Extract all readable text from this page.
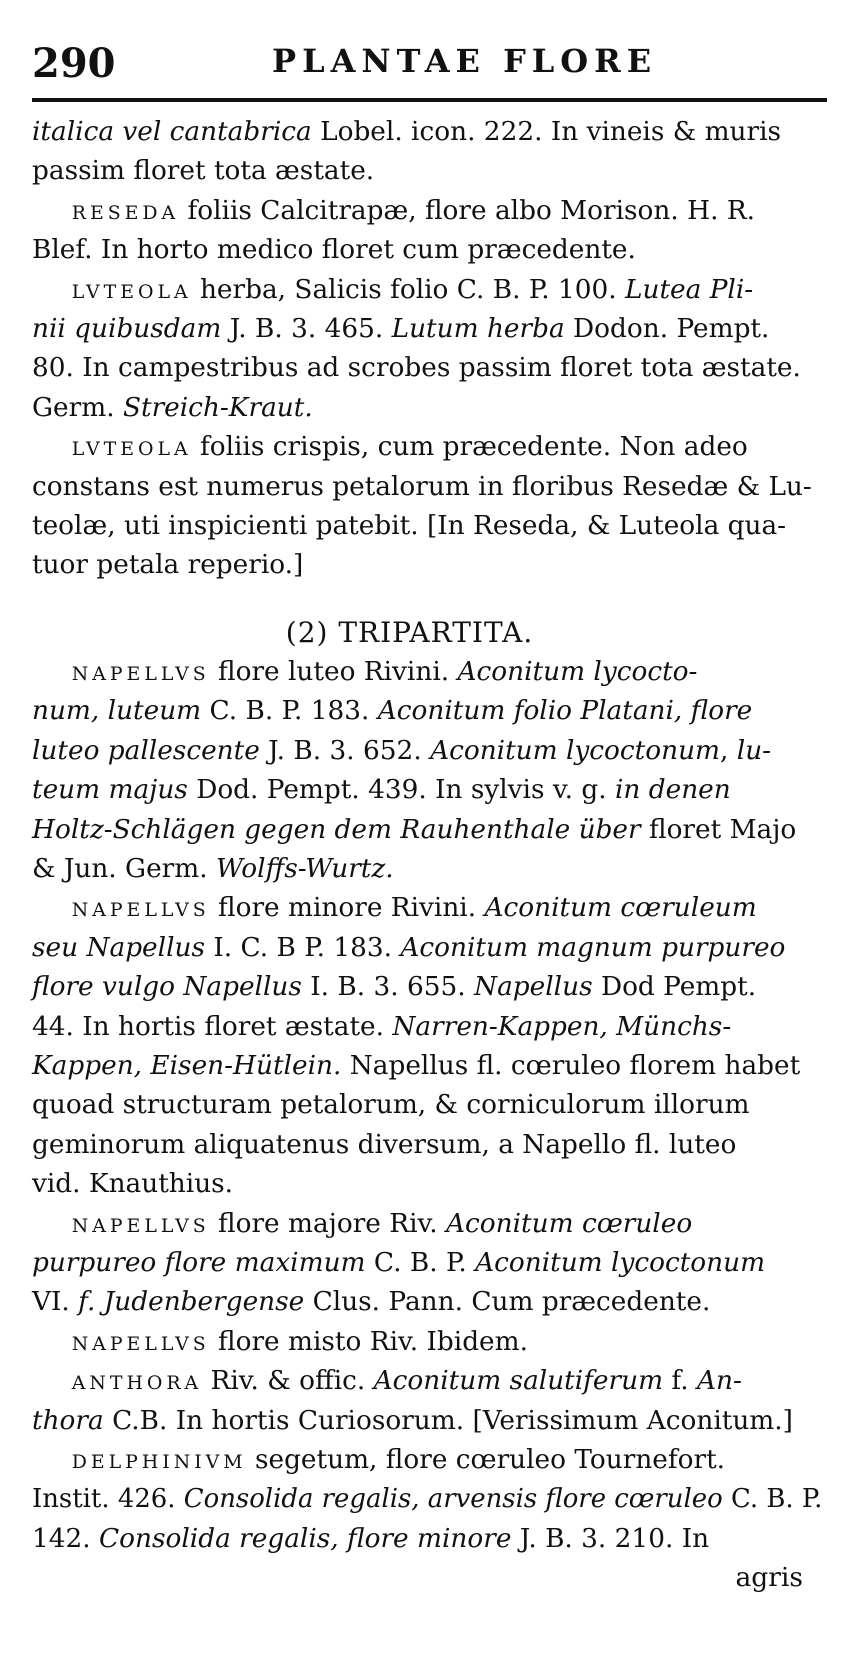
290	PLANTAE FLORE
italica vel cantabrica Lobel. icon. 222. In vineis & muris
passim floret tota æstate.
RESEDA foliis Calcitrapæ, flore albo Morison. H. R.
Blef. In horto medico floret cum præcedente.
LVTEOLA herba, Salicis folio C. B. P. 100. Lutea Pli-
nii quibusdam J. B. 3. 465. Lutum herba Dodon. Pempt.
80. In campestribus ad scrobes passim floret tota æstate.
Germ. Streich-Kraut.
LVTEOLA foliis crispis, cum præcedente. Non adeo
constans est numerus petalorum in floribus Resedæ & Lu-
teolæ, uti inspicienti patebit. [In Reseda, & Luteola qua-
tuor petala reperio.]
(2) TRIPARTITA.
NAPELLVS flore luteo Rivini. Aconitum lycocto-
num, luteum C. B. P. 183. Aconitum folio Platani, flore
luteo pallescente J. B. 3. 652. Aconitum lycoctonum, lu-
teum majus Dod. Pempt. 439. In sylvis v. g. in denen
Holtz-Schlägen gegen dem Rauhenthale über floret Majo
& Jun. Germ. Wolffs-Wurtz.
NAPELLVS flore minore Rivini. Aconitum cœruleum
seu Napellus I. C. B P. 183. Aconitum magnum purpureo
flore vulgo Napellus I. B. 3. 655. Napellus Dod Pempt.
44. In hortis floret æstate. Narren-Kappen, Münchs-
Kappen, Eisen-Hütlein. Napellus fl. cœruleo florem habet
quoad structuram petalorum, & corniculorum illorum
geminorum aliquatenus diversum, a Napello fl. luteo
vid. Knauthius.
NAPELLVS flore majore Riv. Aconitum cœruleo
purpureo flore maximum C. B. P. Aconitum lycoctonum
VI. f. Judenbergense Clus. Pann. Cum præcedente.
NAPELLVS flore misto Riv. Ibidem.
ANTHORA Riv. & offic. Aconitum salutiferum f. An-
thora C.B. In hortis Curiosorum. [Verissimum Aconitum.]
DELPHINIVM segetum, flore cœruleo Tournefort.
Instit. 426. Consolida regalis, arvensis flore cœruleo C. B. P.
142. Consolida regalis, flore minore J. B. 3. 210. In
agris
